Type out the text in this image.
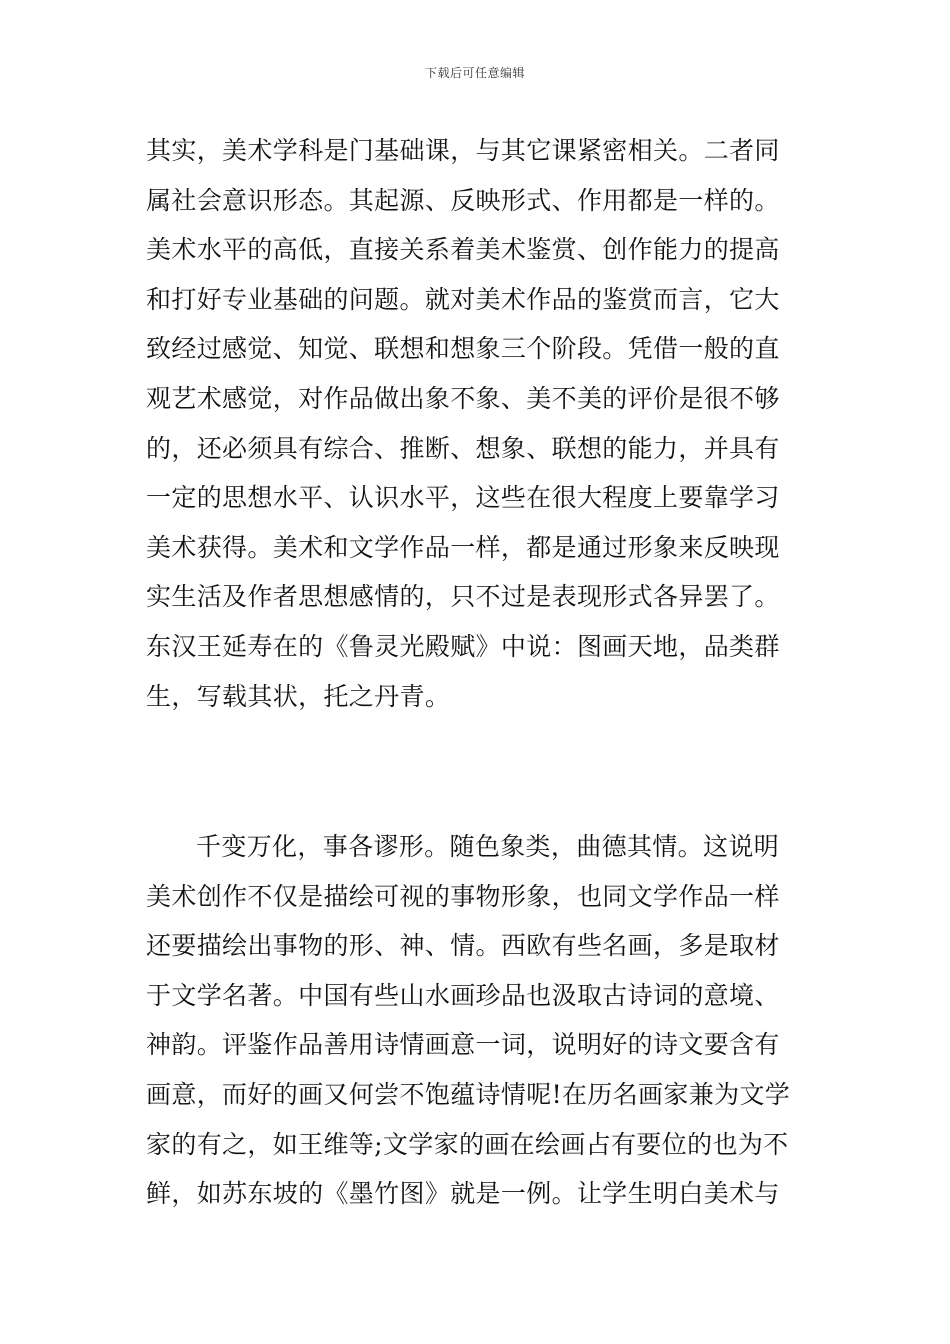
下载后可任意编辑
其实，美术学科是门基础课，与其它课紧密相关。二者同
属社会意识形态。其起源、反映形式、作用都是一样的。
美术水平的高低，直接关系着美术鉴赏、创作能力的提高
和打好专业基础的问题。就对美术作品的鉴赏而言，它大
致经过感觉、知觉、联想和想象三个阶段。凭借一般的直
观艺术感觉，对作品做出象不象、美不美的评价是很不够
的，还必须具有综合、推断、想象、联想的能力，并具有
一定的思想水平、认识水平，这些在很大程度上要靠学习
美术获得。美术和文学作品一样，都是通过形象来反映现
实生活及作者思想感情的，只不过是表现形式各异罢了。
东汉王延寿在的《鲁灵光殿赋》中说：图画天地，品类群
生，写载其状，托之丹青。
千变万化，事各谬形。随色象类，曲德其情。这说明
美术创作不仅是描绘可视的事物形象，也同文学作品一样
还要描绘出事物的形、神、情。西欧有些名画，多是取材
于文学名著。中国有些山水画珍品也汲取古诗词的意境、
神韵。评鉴作品善用诗情画意一词，说明好的诗文要含有
画意，而好的画又何尝不饱蕴诗情呢!在历名画家兼为文学
家的有之，如王维等;文学家的画在绘画占有要位的也为不
鲜，如苏东坡的《墨竹图》就是一例。让学生明白美术与
